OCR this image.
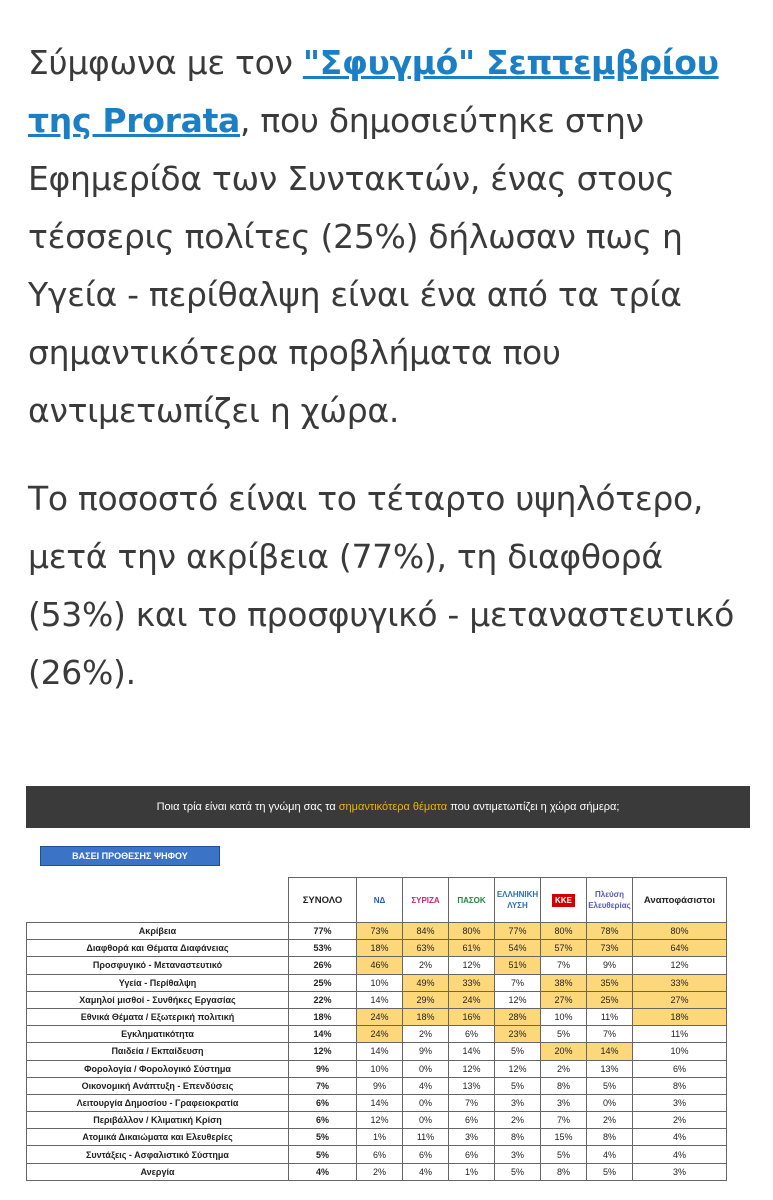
Σύμφωνα με τον "Σφυγμό" Σεπτεμβρίου της Prorata, που δημοσιεύτηκε στην Εφημερίδα των Συντακτών, ένας στους τέσσερις πολίτες (25%) δήλωσαν πως η Υγεία - περίθαλψη είναι ένα από τα τρία σημαντικότερα προβλήματα που αντιμετωπίζει η χώρα.

Το ποσοστό είναι το τέταρτο υψηλότερο, μετά την ακρίβεια (77%), τη διαφθορά (53%) και το προσφυγικό - μεταναστευτικό (26%).

Ποια τρία είναι κατά τη γνώμη σας τα
σημαντικότερα θέματα
που αντιμετωπίζει η χώρα σήμερα;
ΒΑΣΕΙ ΠΡΟΘΕΣΗΣ ΨΗΦΟΥ
	ΣΥΝΟΛΟ	ΝΔ	ΣΥΡΙΖΑ	ΠΑΣΟΚ	ΕΛΛΗΝΙΚΗ ΛΥΣΗ	ΚΚΕ	Πλεύση Ελευθερίας	Αναποφάσιστοι
Ακρίβεια	77%	73%	84%	80%	77%	80%	78%	80%
Διαφθορά και Θέματα Διαφάνειας	53%	18%	63%	61%	54%	57%	73%	64%
Προσφυγικό - Μεταναστευτικό	26%	46%	2%	12%	51%	7%	9%	12%
Υγεία - Περίθαλψη	25%	10%	49%	33%	7%	38%	35%	33%
Χαμηλοί μισθοί - Συνθήκες Εργασίας	22%	14%	29%	24%	12%	27%	25%	27%
Εθνικά Θέματα / Εξωτερική πολιτική	18%	24%	18%	16%	28%	10%	11%	18%
Εγκληματικότητα	14%	24%	2%	6%	23%	5%	7%	11%
Παιδεία / Εκπαίδευση	12%	14%	9%	14%	5%	20%	14%	10%
Φορολογία / Φορολογικό Σύστημα	9%	10%	0%	12%	12%	2%	13%	6%
Οικονομική Ανάπτυξη - Επενδύσεις	7%	9%	4%	13%	5%	8%	5%	8%
Λειτουργία Δημοσίου - Γραφειοκρατία	6%	14%	0%	7%	3%	3%	0%	3%
Περιβάλλον / Κλιματική Κρίση	6%	12%	0%	6%	2%	7%	2%	2%
Ατομικά Δικαιώματα και Ελευθερίες	5%	1%	11%	3%	8%	15%	8%	4%
Συντάξεις - Ασφαλιστικό Σύστημα	5%	6%	6%	6%	3%	5%	4%	4%
Ανεργία	4%	2%	4%	1%	5%	8%	5%	3%
